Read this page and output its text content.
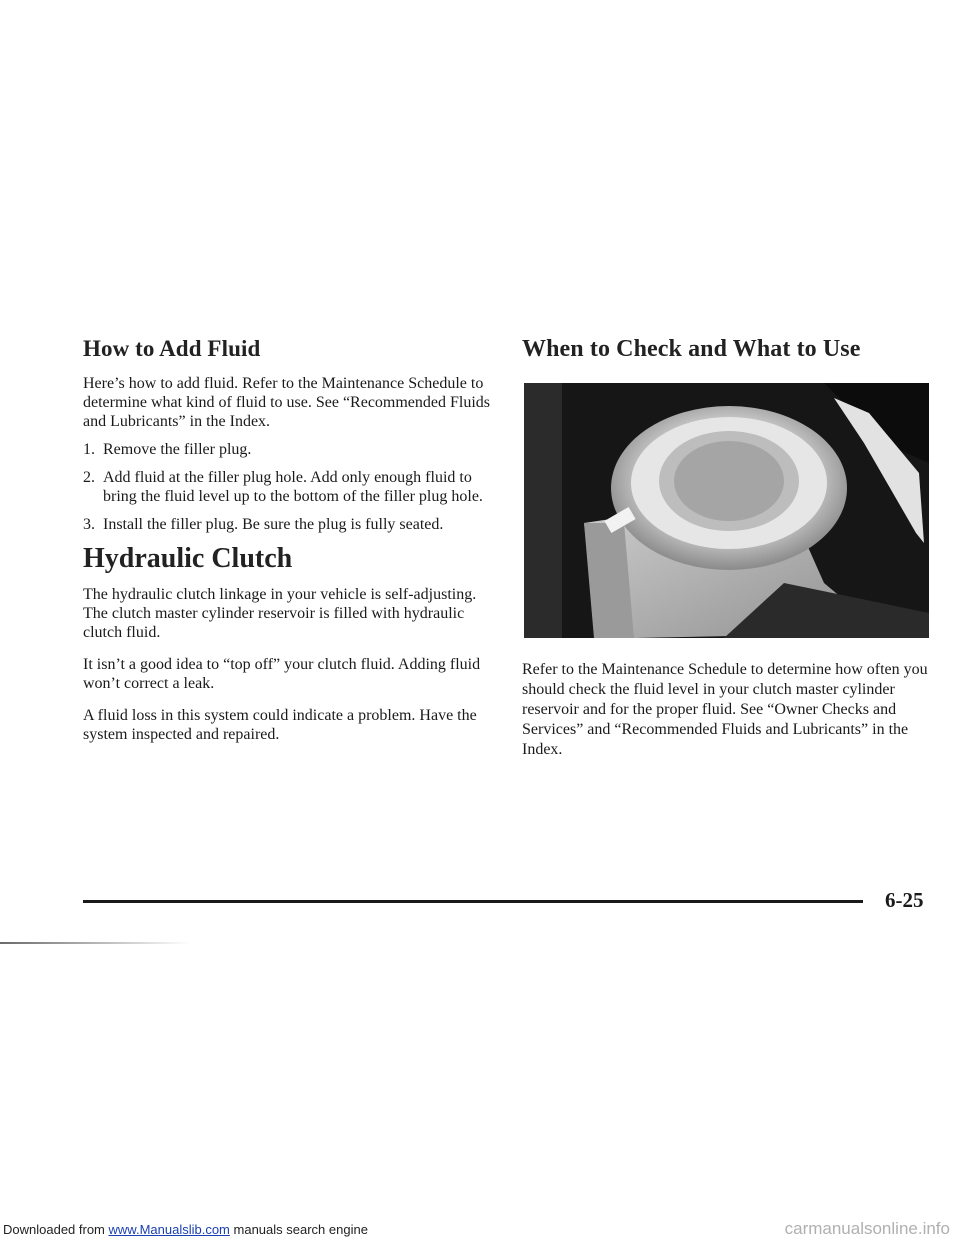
How to Add Fluid

Here’s how to add fluid. Refer to the Maintenance Schedule to determine what kind of fluid to use. See “Recommended Fluids and Lubricants” in the Index.

1. Remove the filler plug.
2. Add fluid at the filler plug hole. Add only enough fluid to bring the fluid level up to the bottom of the filler plug hole.
3. Install the filler plug. Be sure the plug is fully seated.
Hydraulic Clutch

The hydraulic clutch linkage in your vehicle is self-adjusting. The clutch master cylinder reservoir is filled with hydraulic clutch fluid.

It isn’t a good idea to “top off” your clutch fluid. Adding fluid won’t correct a leak.

A fluid loss in this system could indicate a problem. Have the system inspected and repaired.

When to Check and What to Use

Refer to the Maintenance Schedule to determine how often you should check the fluid level in your clutch master cylinder reservoir and for the proper fluid. See “Owner Checks and Services” and “Recommended Fluids and Lubricants” in the Index.

6-25
Downloaded from www.Manualslib.com manuals search engine	carmanualsonline.info
